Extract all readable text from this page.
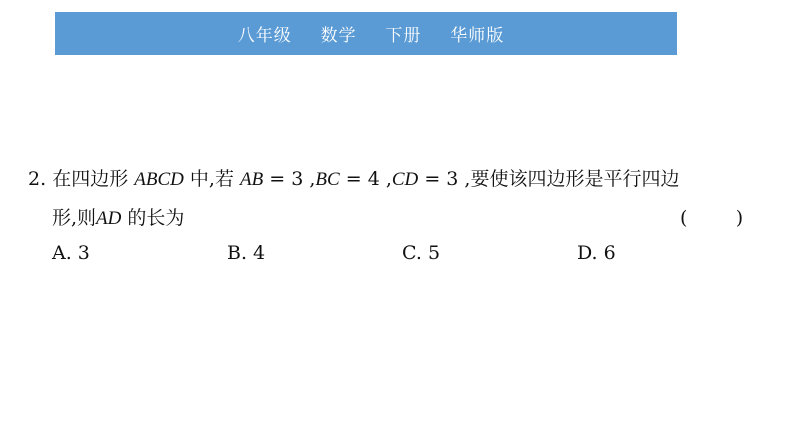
八年级  数学  下册  华师版
2. 在四边形 ABCD 中,若 AB = 3 ,BC = 4 ,CD = 3 ,要使该四边形是平行四边
形,则AD 的长为	(        )
A. 3	B. 4	C. 5	D. 6
